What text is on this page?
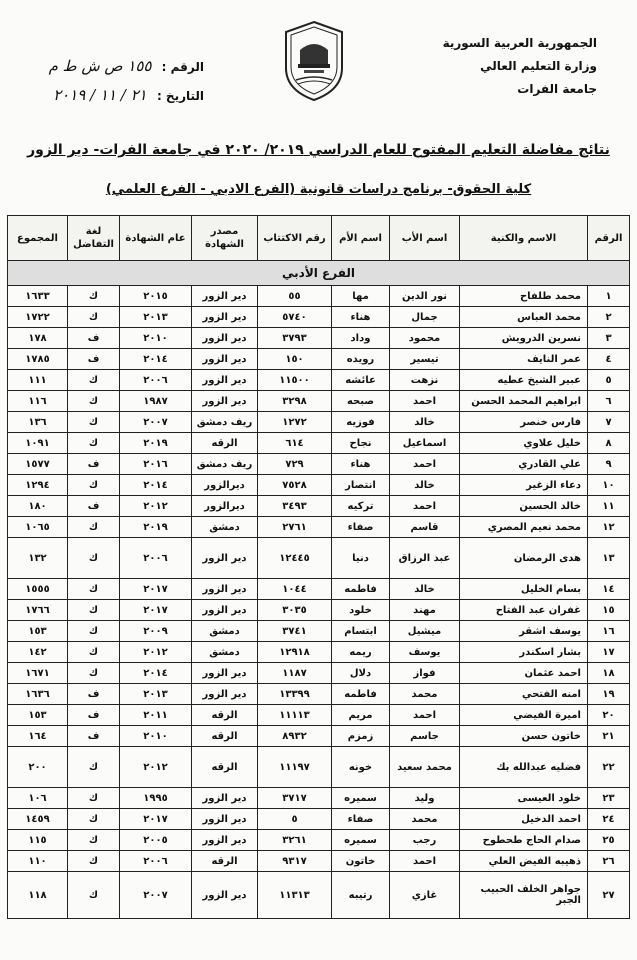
الجمهورية العربية السورية
وزارة التعليم العالي
جامعة الفرات
الرقم : ١٥٥ ص ش ط م
التاريخ : ٢١ / ١١ / ٢٠١٩
نتائج مفاضلة التعليم المفتوح للعام الدراسي ٢٠١٩/ ٢٠٢٠ في جامعة الفرات- دير الزور
كلية الحقوق- برنامج دراسات قانونية (الفرع الادبي - الفرع العلمي)
الرقم	الاسم والكنية	اسم الأب	اسم الأم	رقم الاكتتاب	مصدر الشهادة	عام الشهادة	لغة التفاضل	المجموع
الفرع الأدبي								
١	محمد طلفاح	نور الدين	مها	٥٥	دير الزور	٢٠١٥	ك	١٦٣٣
٢	محمد العباس	جمال	هناء	٥٧٤٠	دير الزور	٢٠١٣	ك	١٧٢٢
٣	نسرين الدرويش	محمود	وداد	٣٧٩٣	دير الزور	٢٠١٠	ف	١٧٨
٤	عمر النايف	تيسير	رويده	١٥٠	دير الزور	٢٠١٤	ف	١٧٨٥
٥	عبير الشيخ عطيه	نزهت	عائشه	١١٥٠٠	دير الزور	٢٠٠٦	ك	١١١
٦	ابراهيم المحمد الحسن	احمد	صبحه	٣٢٩٨	دير الزور	١٩٨٧	ك	١١٦
٧	فارس خنصر	خالد	فوزيه	١٢٧٢	ريف دمشق	٢٠٠٧	ك	١٣٦
٨	خليل علاوي	اسماعيل	نجاح	٦١٤	الرقه	٢٠١٩	ك	١٠٩١
٩	علي القادري	احمد	هناء	٧٢٩	ريف دمشق	٢٠١٦	ف	١٥٧٧
١٠	دعاء الزغير	خالد	انتصار	٧٥٢٨	ديرالزور	٢٠١٤	ك	١٢٩٤
١١	خالد الحسين	احمد	تركيه	٣٤٩٣	ديرالزور	٢٠١٢	ف	١٨٠
١٢	محمد نعيم المصري	قاسم	صفاء	٢٧٦١	دمشق	٢٠١٩	ك	١٠٦٥
١٣	هدى الرمضان	عبد الرزاق	دنيا	١٢٤٤٥	دير الزور	٢٠٠٦	ك	١٣٢
١٤	بسام الخليل	خالد	فاطمه	١٠٤٤	دير الزور	٢٠١٧	ك	١٥٥٥
١٥	غفران عبد الفتاح	مهند	خلود	٣٠٣٥	دير الزور	٢٠١٧	ك	١٧٦٦
١٦	يوسف اشقر	ميشيل	ابتسام	٣٧٤١	دمشق	٢٠٠٩	ك	١٥٣
١٧	بشار اسكندر	يوسف	ريمه	١٢٩١٨	دمشق	٢٠١٢	ك	١٤٢
١٨	احمد عثمان	فواز	دلال	١١٨٧	دير الزور	٢٠١٤	ك	١٦٧١
١٩	امنه الفتحي	محمد	فاطمه	١٣٣٩٩	دير الزور	٢٠١٣	ف	١٦٣٦
٢٠	اميرة الفيضي	احمد	مريم	١١١١٣	الرقه	٢٠١١	ف	١٥٣
٢١	خاتون حسن	جاسم	زمزم	٨٩٣٢	الرقه	٢٠١٠	ف	١٦٤
٢٢	فضليه عبدالله بك	محمد سعيد	خونه	١١١٩٧	الرقه	٢٠١٢	ك	٢٠٠
٢٣	خلود العيسى	وليد	سميره	٣٧١٧	دير الزور	١٩٩٥	ك	١٠٦
٢٤	احمد الدخيل	محمد	صفاء	٥	دير الزور	٢٠١٧	ك	١٤٥٩
٢٥	صدام الحاج طحطوح	رجب	سميره	٣٢٦١	دير الزور	٢٠٠٥	ك	١١٥
٢٦	ذهيبه الفيض العلي	احمد	خاتون	٩٣١٧	الرقه	٢٠٠٦	ك	١١٠
٢٧	جواهر الخلف الحبيب الجبر	غازي	رتيبه	١١٣١٣	دير الزور	٢٠٠٧	ك	١١٨
